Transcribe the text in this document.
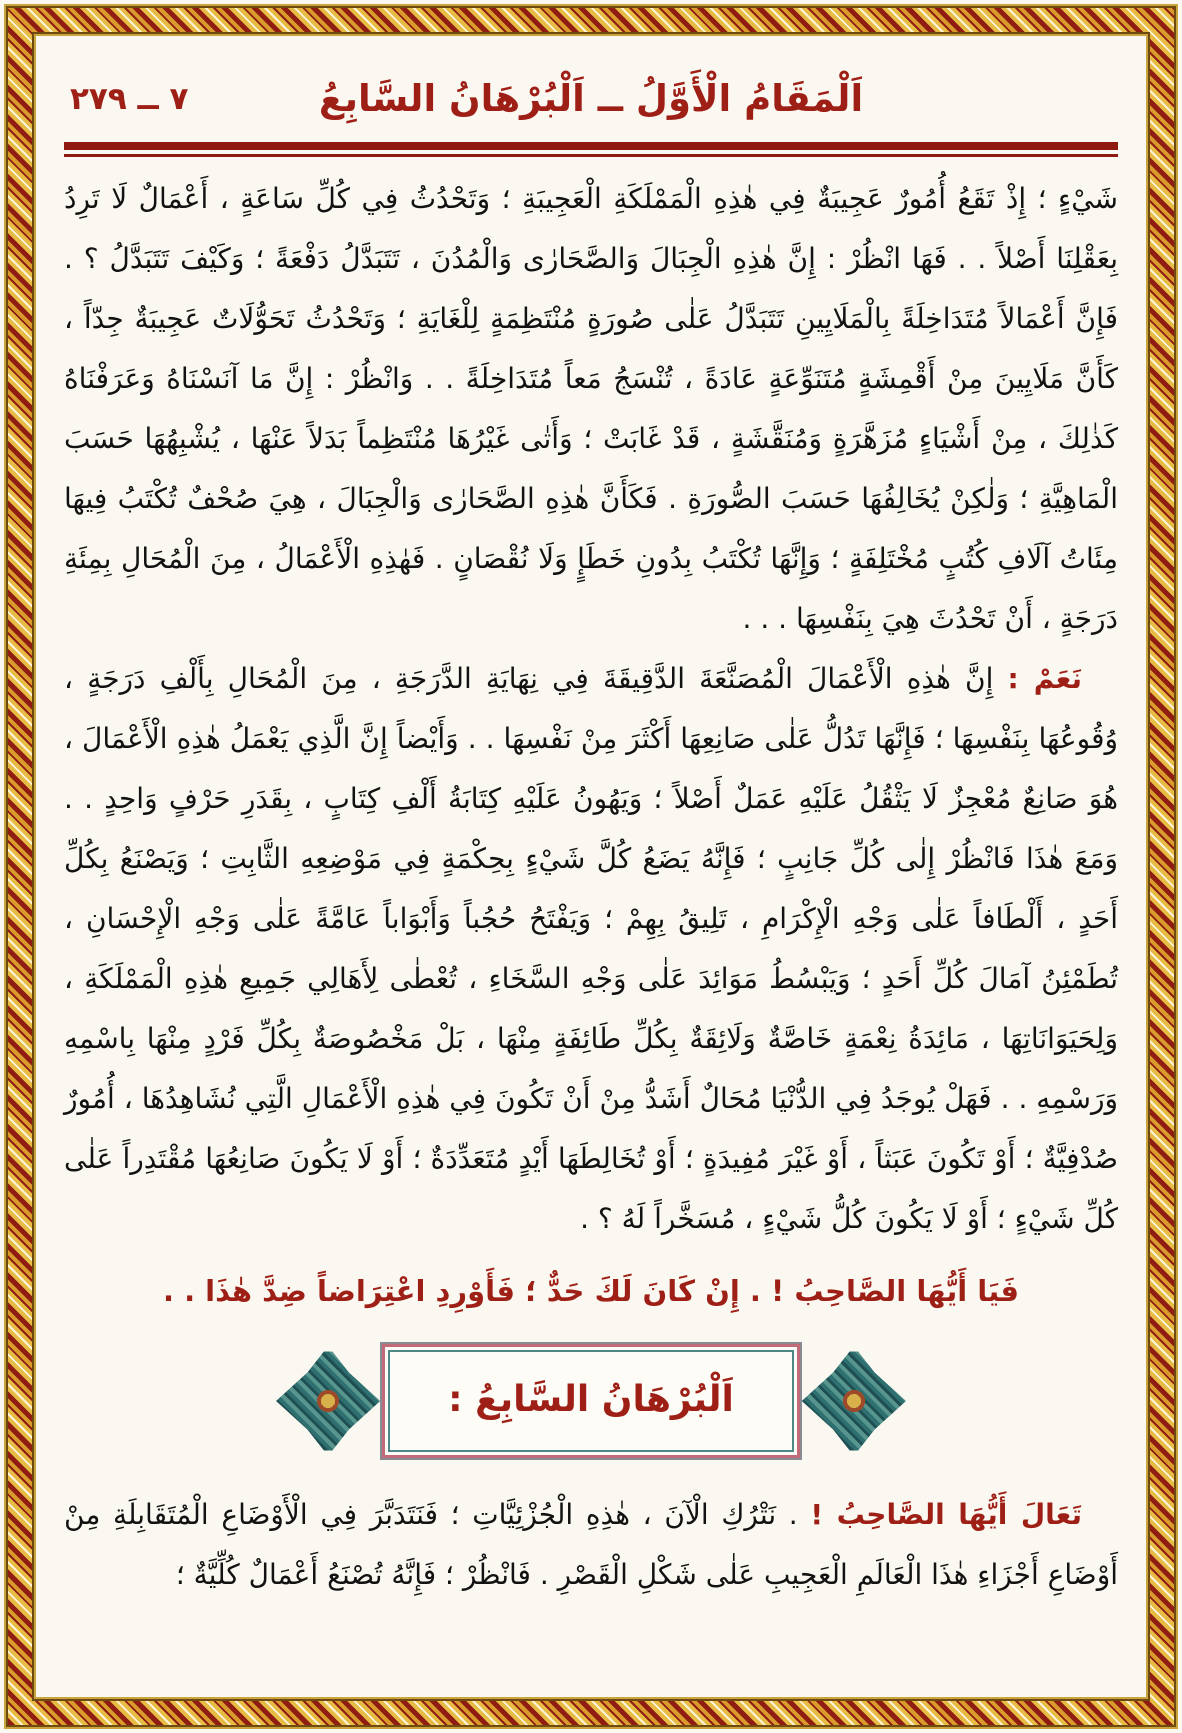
٧ ــ ٢٧٩	اَلْمَقَامُ الْأَوَّلُ ــ اَلْبُرْهَانُ السَّابِعُ

شَيْءٍ ؛ إِذْ تَقَعُ أُمُورٌ عَجِيبَةٌ فِي هٰذِهِ الْمَمْلَكَةِ الْعَجِيبَةِ ؛ وَتَحْدُثُ فِي كُلِّ سَاعَةٍ ، أَعْمَالٌ لَا تَرِدُ بِعَقْلِنَا أَصْلاً . . فَهَا انْظُرْ : إِنَّ هٰذِهِ الْجِبَالَ وَالصَّحَارٰى وَالْمُدُنَ ، تَتَبَدَّلُ دَفْعَةً ؛ وَكَيْفَ تَتَبَدَّلُ ؟ . فَإِنَّ أَعْمَالاً مُتَدَاخِلَةً بِالْمَلَايِينِ تَتَبَدَّلُ عَلٰى صُورَةٍ مُنْتَظِمَةٍ لِلْغَايَةِ ؛ وَتَحْدُثُ تَحَوُّلَاتٌ عَجِيبَةٌ جِدّاً ، كَأَنَّ مَلَايِينَ مِنْ أَقْمِشَةٍ مُتَنَوِّعَةٍ عَادَةً ، تُنْسَجُ مَعاً مُتَدَاخِلَةً . . وَانْظُرْ : إِنَّ مَا آنَسْنَاهُ وَعَرَفْنَاهُ كَذٰلِكَ ، مِنْ أَشْيَاءٍ مُزَهَّرَةٍ وَمُنَقَّشَةٍ ، قَدْ غَابَتْ ؛ وَأَتٰى غَيْرُهَا مُنْتَظِماً بَدَلاً عَنْهَا ، يُشْبِهُهَا حَسَبَ الْمَاهِيَّةِ ؛ وَلٰكِنْ يُخَالِفُهَا حَسَبَ الصُّورَةِ . فَكَأَنَّ هٰذِهِ الصَّحَارٰى وَالْجِبَالَ ، هِيَ صُحْفٌ تُكْتَبُ فِيهَا مِئَاتُ آلَافِ كُتُبٍ مُخْتَلِفَةٍ ؛ وَإِنَّهَا تُكْتَبُ بِدُونِ خَطَإٍ وَلَا نُقْصَانٍ . فَهٰذِهِ الْأَعْمَالُ ، مِنَ الْمُحَالِ بِمِئَةِ دَرَجَةٍ ، أَنْ تَحْدُثَ هِيَ بِنَفْسِهَا . . .

نَعَمْ : إِنَّ هٰذِهِ الْأَعْمَالَ الْمُصَنَّعَةَ الدَّقِيقَةَ فِي نِهَايَةِ الدَّرَجَةِ ، مِنَ الْمُحَالِ بِأَلْفِ دَرَجَةٍ ، وُقُوعُهَا بِنَفْسِهَا ؛ فَإِنَّهَا تَدُلُّ عَلٰى صَانِعِهَا أَكْثَرَ مِنْ نَفْسِهَا . . وَأَيْضاً إِنَّ الَّذِي يَعْمَلُ هٰذِهِ الْأَعْمَالَ ، هُوَ صَانِعٌ مُعْجِزٌ لَا يَثْقُلُ عَلَيْهِ عَمَلٌ أَصْلاً ؛ وَيَهُونُ عَلَيْهِ كِتَابَةُ أَلْفِ كِتَابٍ ، بِقَدَرِ حَرْفٍ وَاحِدٍ . . وَمَعَ هٰذَا فَانْظُرْ إِلٰى كُلِّ جَانِبٍ ؛ فَإِنَّهُ يَضَعُ كُلَّ شَيْءٍ بِحِكْمَةٍ فِي مَوْضِعِهِ الثَّابِتِ ؛ وَيَصْنَعُ بِكُلِّ أَحَدٍ ، أَلْطَافاً عَلٰى وَجْهِ الْإِكْرَامِ ، تَلِيقُ بِهِمْ ؛ وَيَفْتَحُ حُجُباً وَأَبْوَاباً عَامَّةً عَلٰى وَجْهِ الْإِحْسَانِ ، تُطَمْئِنُ آمَالَ كُلِّ أَحَدٍ ؛ وَيَبْسُطُ مَوَائِدَ عَلٰى وَجْهِ السَّخَاءِ ، تُعْطٰى لِأَهَالِي جَمِيعِ هٰذِهِ الْمَمْلَكَةِ ، وَلِحَيَوَانَاتِهَا ، مَائِدَةُ نِعْمَةٍ خَاصَّةٌ وَلَائِقَةٌ بِكُلِّ طَائِفَةٍ مِنْهَا ، بَلْ مَخْصُوصَةٌ بِكُلِّ فَرْدٍ مِنْهَا بِاسْمِهِ وَرَسْمِهِ . . فَهَلْ يُوجَدُ فِي الدُّنْيَا مُحَالٌ أَشَدُّ مِنْ أَنْ تَكُونَ فِي هٰذِهِ الْأَعْمَالِ الَّتِي نُشَاهِدُهَا ، أُمُورٌ صُدْفِيَّةٌ ؛ أَوْ تَكُونَ عَبَثاً ، أَوْ غَيْرَ مُفِيدَةٍ ؛ أَوْ تُخَالِطَهَا أَيْدٍ مُتَعَدِّدَةٌ ؛ أَوْ لَا يَكُونَ صَانِعُهَا مُقْتَدِراً عَلٰى كُلِّ شَيْءٍ ؛ أَوْ لَا يَكُونَ كُلُّ شَيْءٍ ، مُسَخَّراً لَهُ ؟ .

فَيَا أَيُّهَا الصَّاحِبُ ! . إِنْ كَانَ لَكَ حَدٌّ ؛ فَأَوْرِدِ اعْتِرَاضاً ضِدَّ هٰذَا . .

اَلْبُرْهَانُ السَّابِعُ :

تَعَالَ أَيُّهَا الصَّاحِبُ ! . نَتْرُكِ الْآنَ ، هٰذِهِ الْجُزْئِيَّاتِ ؛ فَنَتَدَبَّرَ فِي الْأَوْضَاعِ الْمُتَقَابِلَةِ مِنْ أَوْضَاعِ أَجْزَاءِ هٰذَا الْعَالَمِ الْعَجِيبِ عَلٰى شَكْلِ الْقَصْرِ . فَانْظُرْ ؛ فَإِنَّهُ تُصْنَعُ أَعْمَالٌ كُلِّيَّةٌ ؛
